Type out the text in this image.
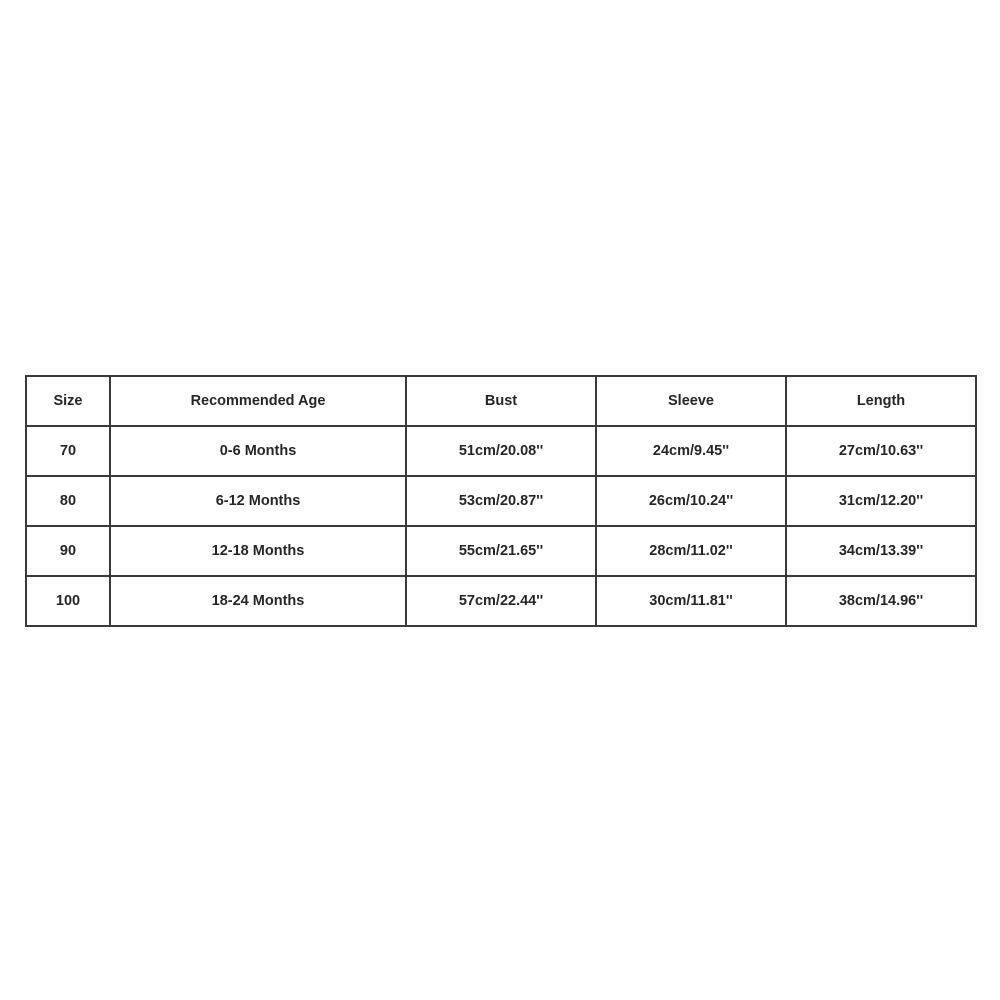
Size	Recommended Age	Bust	Sleeve	Length
70	0-6 Months	51cm/20.08''	24cm/9.45''	27cm/10.63''
80	6-12 Months	53cm/20.87''	26cm/10.24''	31cm/12.20''
90	12-18 Months	55cm/21.65''	28cm/11.02''	34cm/13.39''
100	18-24 Months	57cm/22.44''	30cm/11.81''	38cm/14.96''
